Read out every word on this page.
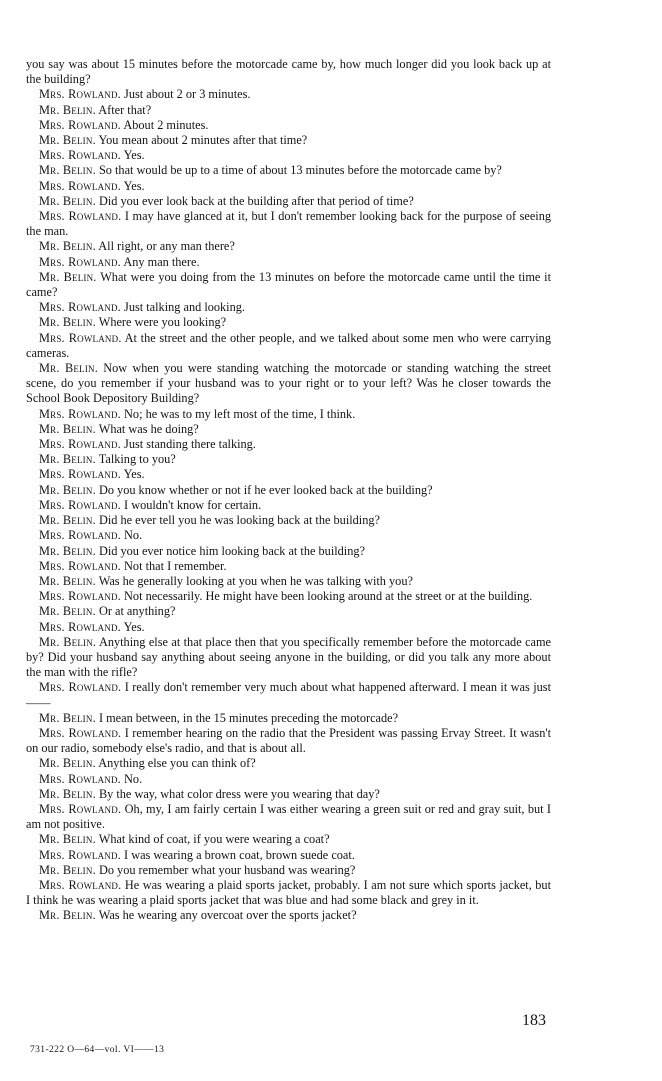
you say was about 15 minutes before the motorcade came by, how much longer did you look back up at the building?

Mrs. Rowland. Just about 2 or 3 minutes.

Mr. Belin. After that?

Mrs. Rowland. About 2 minutes.

Mr. Belin. You mean about 2 minutes after that time?

Mrs. Rowland. Yes.

Mr. Belin. So that would be up to a time of about 13 minutes before the motorcade came by?

Mrs. Rowland. Yes.

Mr. Belin. Did you ever look back at the building after that period of time?

Mrs. Rowland. I may have glanced at it, but I don't remember looking back for the purpose of seeing the man.

Mr. Belin. All right, or any man there?

Mrs. Rowland. Any man there.

Mr. Belin. What were you doing from the 13 minutes on before the motorcade came until the time it came?

Mrs. Rowland. Just talking and looking.

Mr. Belin. Where were you looking?

Mrs. Rowland. At the street and the other people, and we talked about some men who were carrying cameras.

Mr. Belin. Now when you were standing watching the motorcade or standing watching the street scene, do you remember if your husband was to your right or to your left? Was he closer towards the School Book Depository Building?

Mrs. Rowland. No; he was to my left most of the time, I think.

Mr. Belin. What was he doing?

Mrs. Rowland. Just standing there talking.

Mr. Belin. Talking to you?

Mrs. Rowland. Yes.

Mr. Belin. Do you know whether or not if he ever looked back at the building?

Mrs. Rowland. I wouldn't know for certain.

Mr. Belin. Did he ever tell you he was looking back at the building?

Mrs. Rowland. No.

Mr. Belin. Did you ever notice him looking back at the building?

Mrs. Rowland. Not that I remember.

Mr. Belin. Was he generally looking at you when he was talking with you?

Mrs. Rowland. Not necessarily. He might have been looking around at the street or at the building.

Mr. Belin. Or at anything?

Mrs. Rowland. Yes.

Mr. Belin. Anything else at that place then that you specifically remember before the motorcade came by? Did your husband say anything about seeing anyone in the building, or did you talk any more about the man with the rifle?

Mrs. Rowland. I really don't remember very much about what happened afterward. I mean it was just——

Mr. Belin. I mean between, in the 15 minutes preceding the motorcade?

Mrs. Rowland. I remember hearing on the radio that the President was passing Ervay Street. It wasn't on our radio, somebody else's radio, and that is about all.

Mr. Belin. Anything else you can think of?

Mrs. Rowland. No.

Mr. Belin. By the way, what color dress were you wearing that day?

Mrs. Rowland. Oh, my, I am fairly certain I was either wearing a green suit or red and gray suit, but I am not positive.

Mr. Belin. What kind of coat, if you were wearing a coat?

Mrs. Rowland. I was wearing a brown coat, brown suede coat.

Mr. Belin. Do you remember what your husband was wearing?

Mrs. Rowland. He was wearing a plaid sports jacket, probably. I am not sure which sports jacket, but I think he was wearing a plaid sports jacket that was blue and had some black and grey in it.

Mr. Belin. Was he wearing any overcoat over the sports jacket?

183
731-222 O—64—vol. VI——13
